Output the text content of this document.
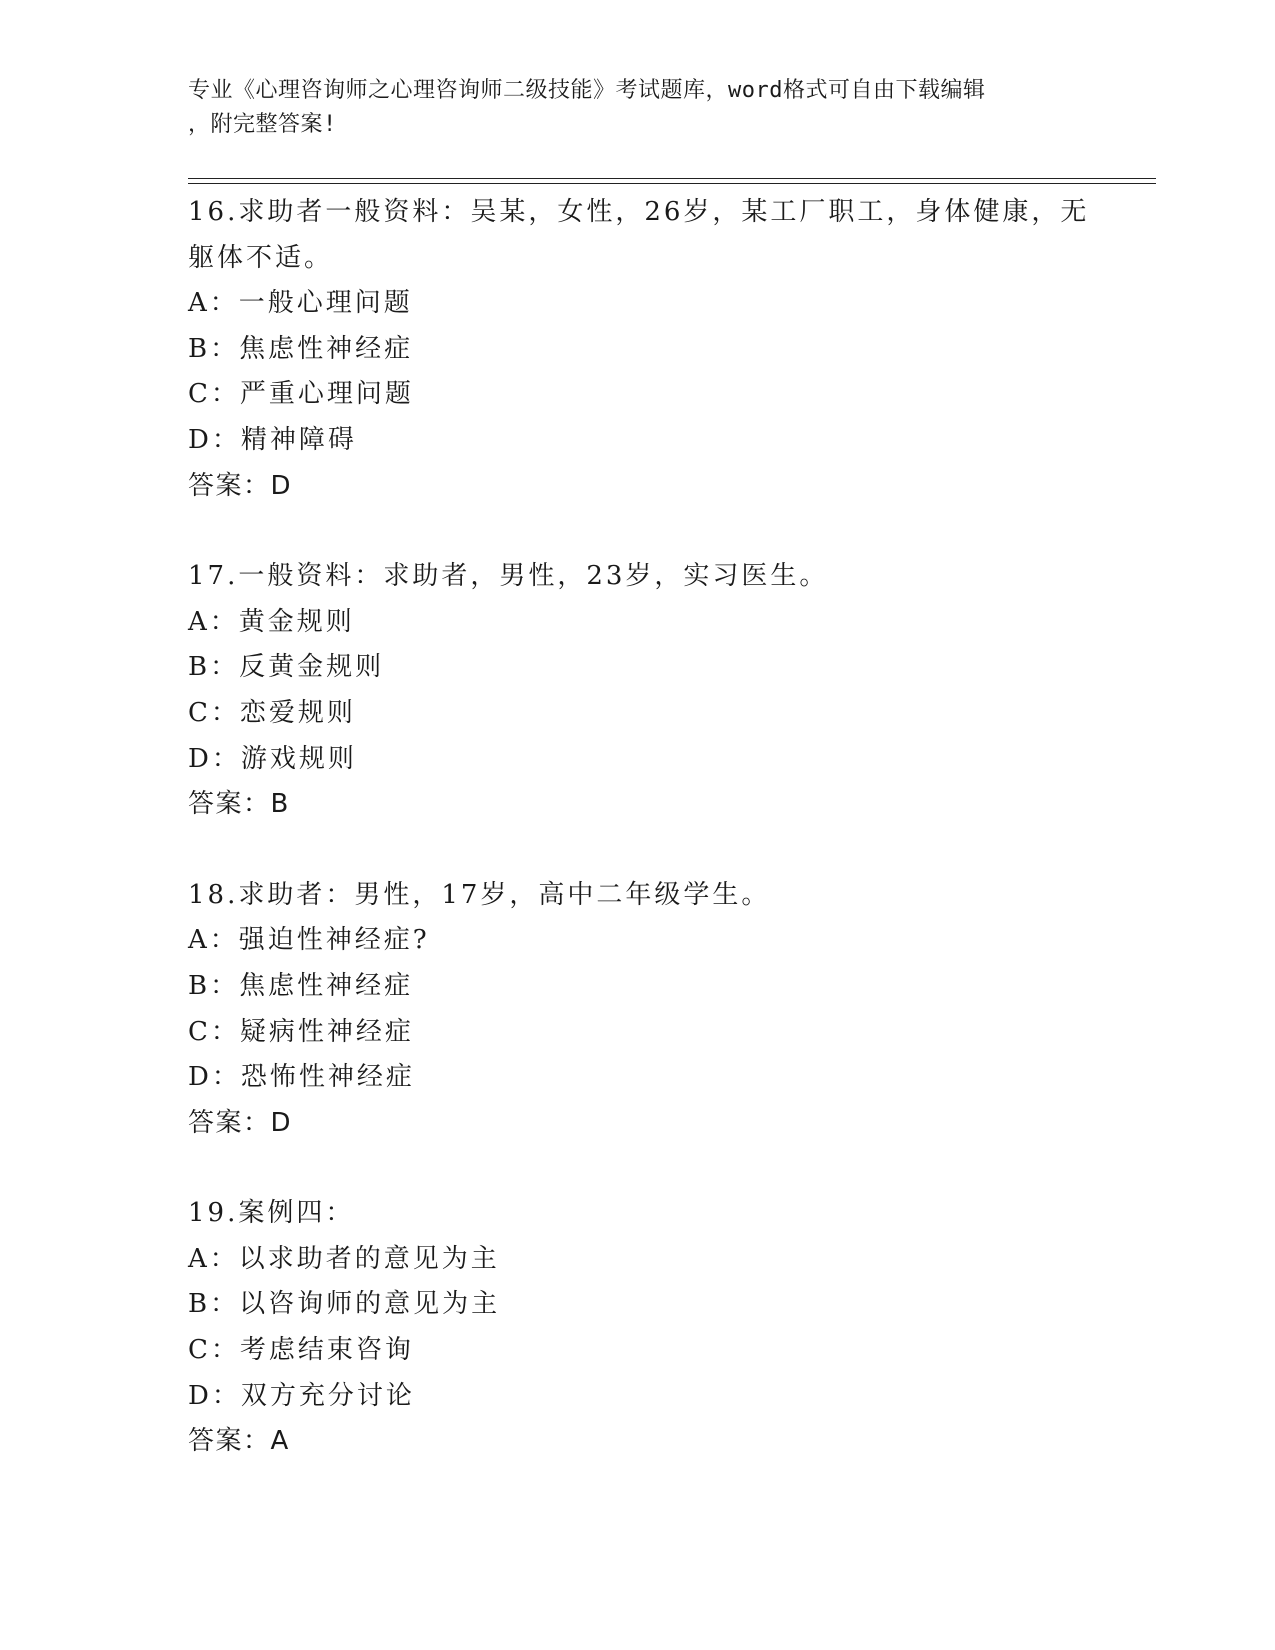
专业《心理咨询师之心理咨询师二级技能》考试题库，word格式可自由下载编辑
，附完整答案!
16.求助者一般资料：吴某，女性，26岁，某工厂职工，身体健康，无
躯体不适。
A：一般心理问题
B：焦虑性神经症
C：严重心理问题
D：精神障碍
答案：D
17.一般资料：求助者，男性，23岁，实习医生。
A：黄金规则
B：反黄金规则
C：恋爱规则
D：游戏规则
答案：B
18.求助者：男性，17岁，高中二年级学生。
A：强迫性神经症?
B：焦虑性神经症
C：疑病性神经症
D：恐怖性神经症
答案：D
19.案例四：
A：以求助者的意见为主
B：以咨询师的意见为主
C：考虑结束咨询
D：双方充分讨论
答案：A
